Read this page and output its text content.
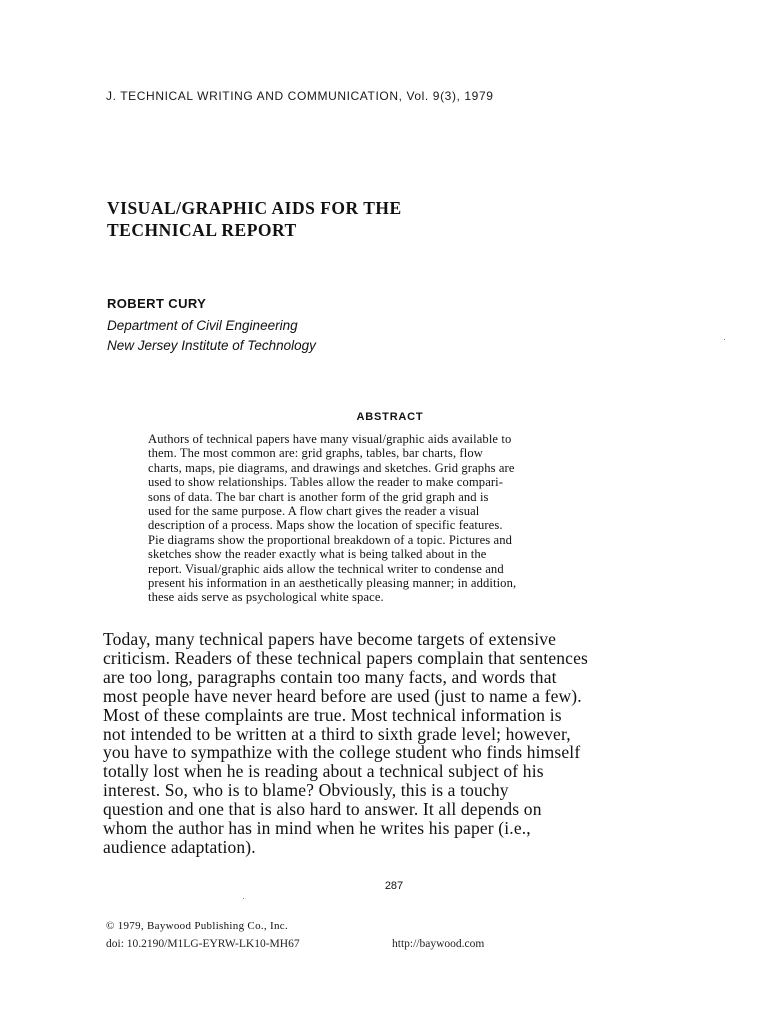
J. TECHNICAL WRITING AND COMMUNICATION, Vol. 9(3), 1979
VISUAL/GRAPHIC AIDS FOR THE
TECHNICAL REPORT
ROBERT CURY
Department of Civil Engineering
New Jersey Institute of Technology
ABSTRACT
Authors of technical papers have many visual/graphic aids available to
them. The most common are: grid graphs, tables, bar charts, flow
charts, maps, pie diagrams, and drawings and sketches. Grid graphs are
used to show relationships. Tables allow the reader to make compari-
sons of data. The bar chart is another form of the grid graph and is
used for the same purpose. A flow chart gives the reader a visual
description of a process. Maps show the location of specific features.
Pie diagrams show the proportional breakdown of a topic. Pictures and
sketches show the reader exactly what is being talked about in the
report. Visual/graphic aids allow the technical writer to condense and
present his information in an aesthetically pleasing manner; in addition,
these aids serve as psychological white space.
Today, many technical papers have become targets of extensive
criticism. Readers of these technical papers complain that sentences
are too long, paragraphs contain too many facts, and words that
most people have never heard before are used (just to name a few).
Most of these complaints are true. Most technical information is
not intended to be written at a third to sixth grade level; however,
you have to sympathize with the college student who finds himself
totally lost when he is reading about a technical subject of his
interest. So, who is to blame? Obviously, this is a touchy
question and one that is also hard to answer. It all depends on
whom the author has in mind when he writes his paper (i.e.,
audience adaptation).
287
© 1979, Baywood Publishing Co., Inc.
doi: 10.2190/M1LG-EYRW-LK10-MH67	http://baywood.com
